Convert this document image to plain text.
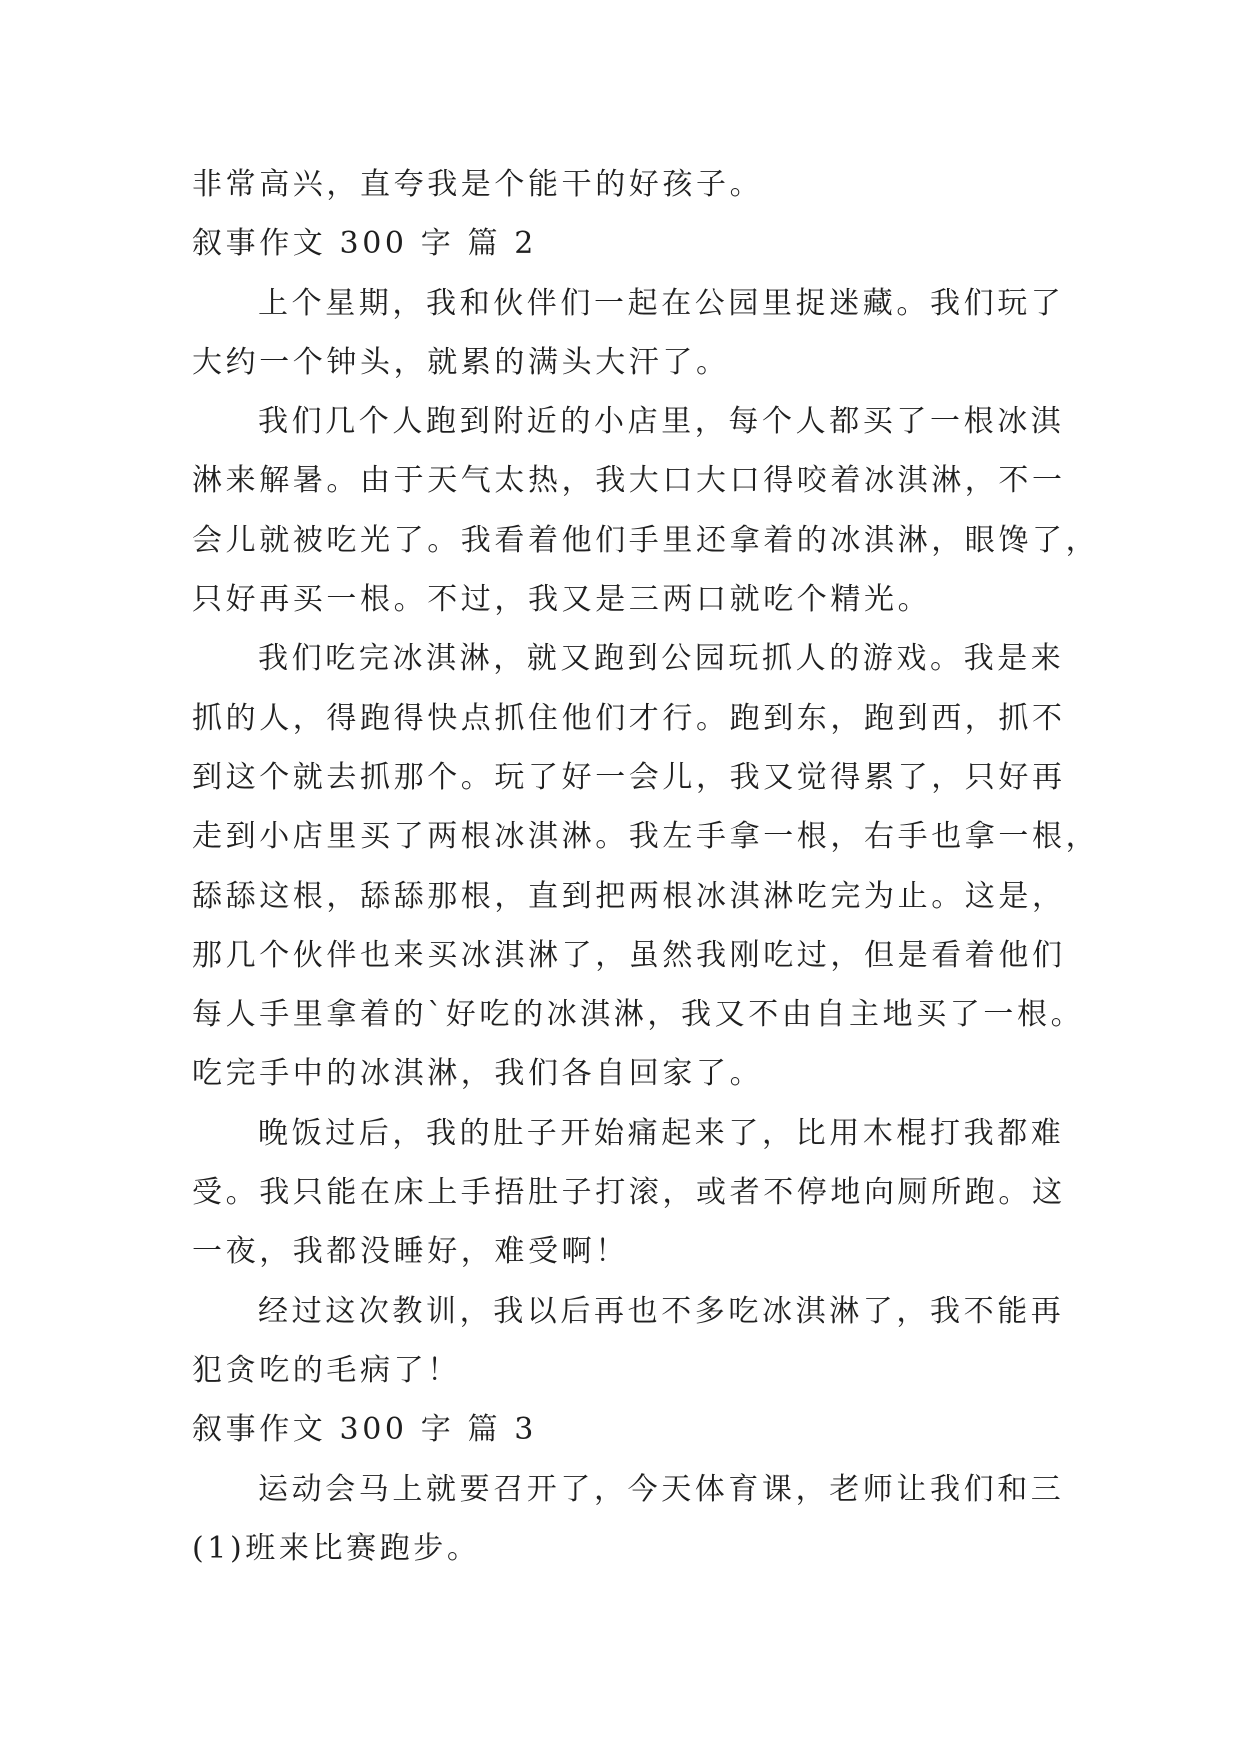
非常高兴，直夸我是个能干的好孩子。
叙事作文 300 字 篇 2
上个星期，我和伙伴们一起在公园里捉迷藏。我们玩了
大约一个钟头，就累的满头大汗了。
我们几个人跑到附近的小店里，每个人都买了一根冰淇
淋来解暑。由于天气太热，我大口大口得咬着冰淇淋，不一
会儿就被吃光了。我看着他们手里还拿着的冰淇淋，眼馋了，
只好再买一根。不过，我又是三两口就吃个精光。
我们吃完冰淇淋，就又跑到公园玩抓人的游戏。我是来
抓的人，得跑得快点抓住他们才行。跑到东，跑到西，抓不
到这个就去抓那个。玩了好一会儿，我又觉得累了，只好再
走到小店里买了两根冰淇淋。我左手拿一根，右手也拿一根，
舔舔这根，舔舔那根，直到把两根冰淇淋吃完为止。这是，
那几个伙伴也来买冰淇淋了，虽然我刚吃过，但是看着他们
每人手里拿着的`好吃的冰淇淋，我又不由自主地买了一根。
吃完手中的冰淇淋，我们各自回家了。
晚饭过后，我的肚子开始痛起来了，比用木棍打我都难
受。我只能在床上手捂肚子打滚，或者不停地向厕所跑。这
一夜，我都没睡好，难受啊！
经过这次教训，我以后再也不多吃冰淇淋了，我不能再
犯贪吃的毛病了！
叙事作文 300 字 篇 3
运动会马上就要召开了，今天体育课，老师让我们和三
(1)班来比赛跑步。
